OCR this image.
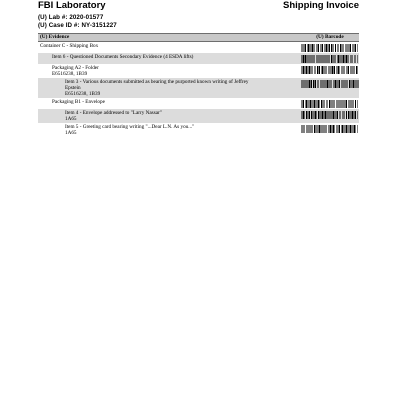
FBI Laboratory	Shipping Invoice
(U) Lab #: 2020-01577
(U) Case ID #: NY-3151227
(U) Evidence	(U) Barcode
Container C - Shipping Box
Item 6 - Questioned Documents Secondary Evidence (4 ESDA lifts)
Packaging A2 - Folder
E6516238, 1B39
Item 3 - Various documents submitted as bearing the purported known writing of Jeffrey
Epstein
E6516238, 1B39
Packaging B1 - Envelope
Item 4 - Envelope addressed to "Larry Nassar"
1A65
Item 5 - Greeting card bearing writing "...Dear L.N. As you..."
1A65
